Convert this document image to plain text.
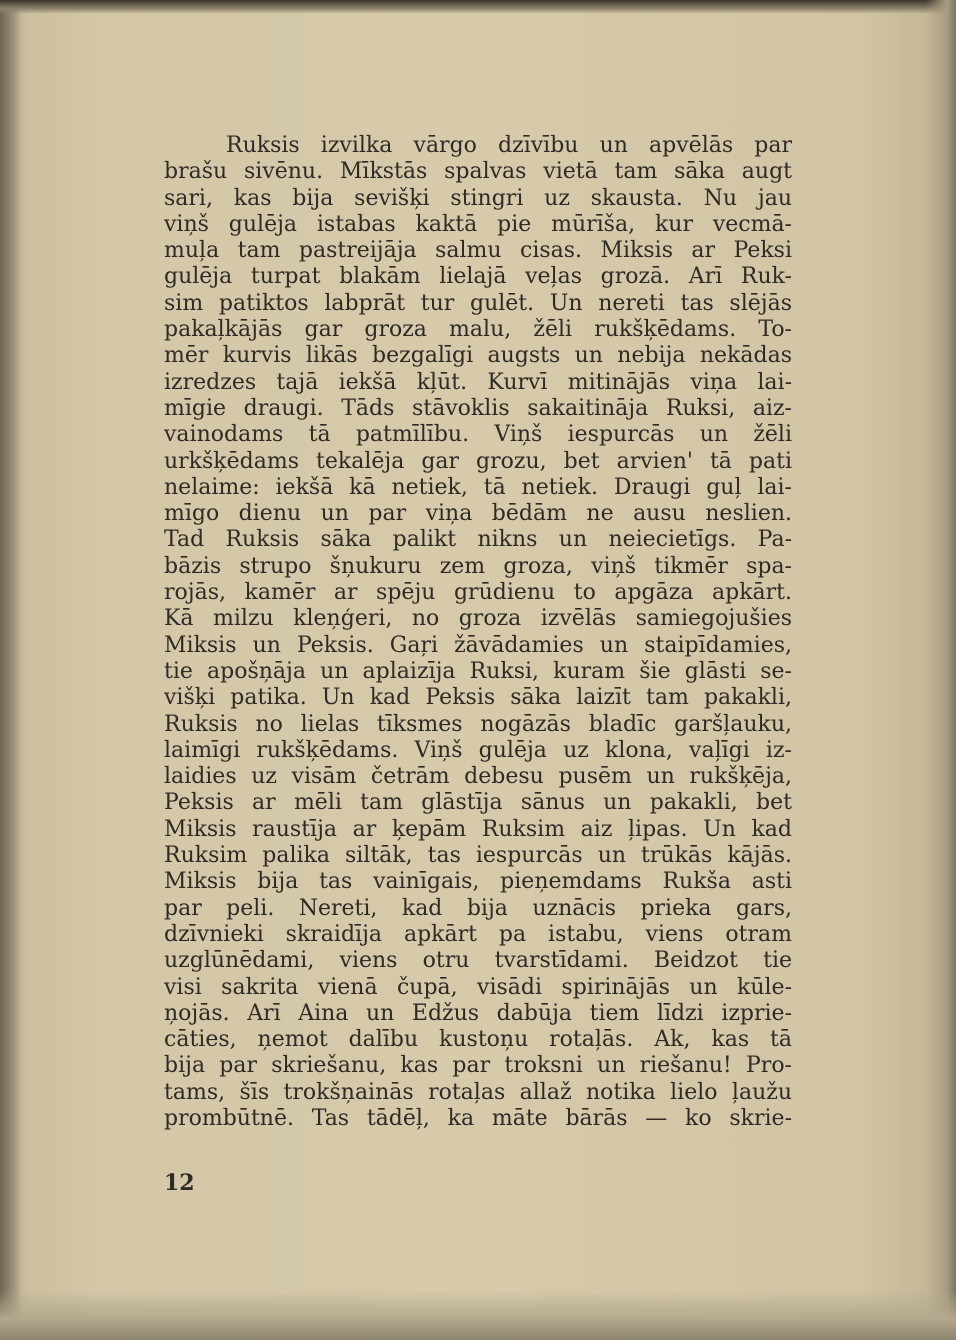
Ruksis izvilka vārgo dzīvību un apvēlās par
brašu sivēnu. Mīkstās spalvas vietā tam sāka augt
sari, kas bija sevišķi stingri uz skausta. Nu jau
viņš gulēja istabas kaktā pie mūrīša, kur vecmā-
muļa tam pastreijāja salmu cisas. Miksis ar Peksi
gulēja turpat blakām lielajā veļas grozā. Arī Ruk-
sim patiktos labprāt tur gulēt. Un nereti tas slējās
pakaļkājās gar groza malu, žēli rukšķēdams. To-
mēr kurvis likās bezgalīgi augsts un nebija nekādas
izredzes tajā iekšā kļūt. Kurvī mitinājās viņa lai-
mīgie draugi. Tāds stāvoklis sakaitināja Ruksi, aiz-
vainodams tā patmīlību. Viņš iespurcās un žēli
urkšķēdams tekalēja gar grozu, bet arvien' tā pati
nelaime: iekšā kā netiek, tā netiek. Draugi guļ lai-
mīgo dienu un par viņa bēdām ne ausu neslien.
Tad Ruksis sāka palikt nikns un neiecietīgs. Pa-
bāzis strupo šņukuru zem groza, viņš tikmēr spa-
rojās, kamēr ar spēju grūdienu to apgāza apkārt.
Kā milzu kleņģeri, no groza izvēlās samiegojušies
Miksis un Peksis. Gaŗi žāvādamies un staipīdamies,
tie apošņāja un aplaizīja Ruksi, kuram šie glāsti se-
višķi patika. Un kad Peksis sāka laizīt tam pakakli,
Ruksis no lielas tīksmes nogāzās bladīc garšļauku,
laimīgi rukšķēdams. Viņš gulēja uz klona, vaļīgi iz-
laidies uz visām četrām debesu pusēm un rukšķēja,
Peksis ar mēli tam glāstīja sānus un pakakli, bet
Miksis raustīja ar ķepām Ruksim aiz ļipas. Un kad
Ruksim palika siltāk, tas iespurcās un trūkās kājās.
Miksis bija tas vainīgais, pieņemdams Rukša asti
par peli. Nereti, kad bija uznācis prieka gars,
dzīvnieki skraidīja apkārt pa istabu, viens otram
uzglūnēdami, viens otru tvarstīdami. Beidzot tie
visi sakrita vienā čupā, visādi spirinājās un kūle-
ņojās. Arī Aina un Edžus dabūja tiem līdzi izprie-
cāties, ņemot dalību kustoņu rotaļās. Ak, kas tā
bija par skriešanu, kas par troksni un riešanu! Pro-
tams, šīs trokšņainās rotaļas allaž notika lielo ļaužu
prombūtnē. Tas tādēļ, ka māte bārās — ko skrie-

12
